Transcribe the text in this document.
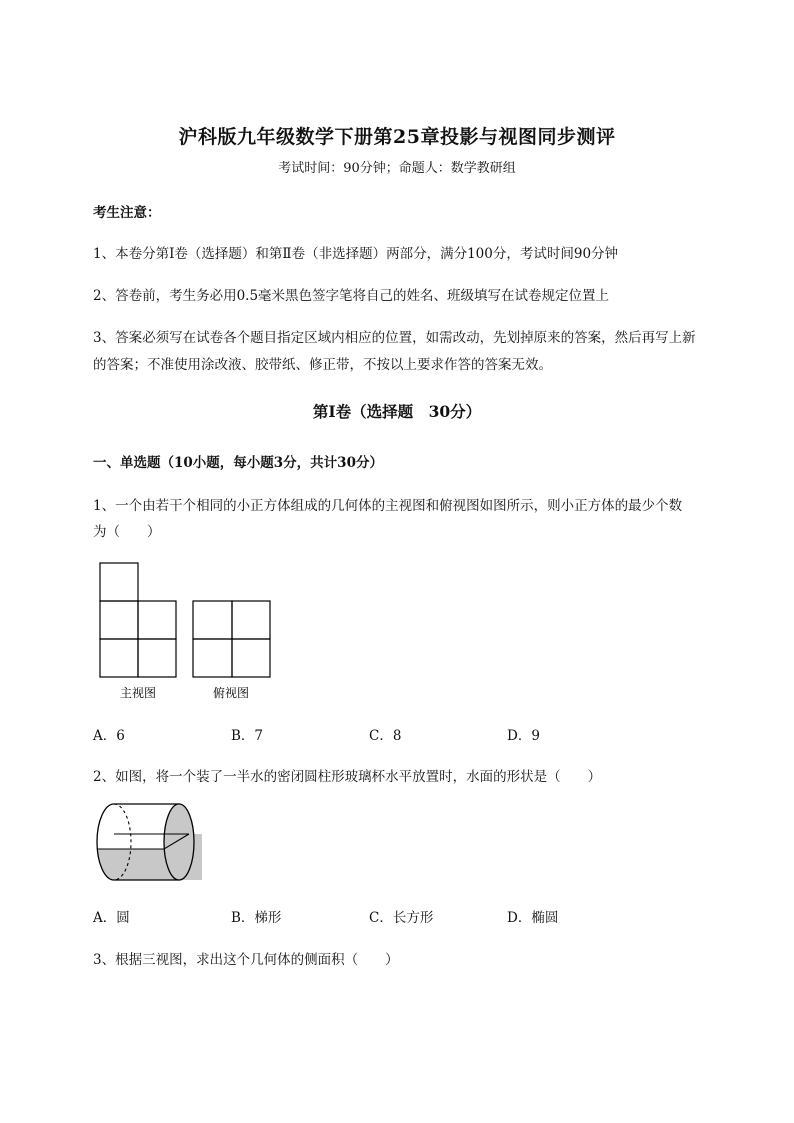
沪科版九年级数学下册第25章投影与视图同步测评
考试时间：90分钟；命题人：数学教研组
考生注意：
1、本卷分第I卷（选择题）和第Ⅱ卷（非选择题）两部分，满分100分，考试时间90分钟
2、答卷前，考生务必用0.5毫米黑色签字笔将自己的姓名、班级填写在试卷规定位置上
3、答案必须写在试卷各个题目指定区域内相应的位置，如需改动，先划掉原来的答案，然后再写上新
的答案；不准使用涂改液、胶带纸、修正带，不按以上要求作答的答案无效。
第I卷（选择题　30分）
一、单选题（10小题，每小题3分，共计30分）
1、一个由若干个相同的小正方体组成的几何体的主视图和俯视图如图所示，则小正方体的最少个数
为（　　）
主视图	俯视图
A．6	B．7	C．8	D．9
2、如图，将一个装了一半水的密闭圆柱形玻璃杯水平放置时，水面的形状是（　　）
A．圆	B．梯形	C．长方形	D．椭圆
3、根据三视图，求出这个几何体的侧面积（　　）
